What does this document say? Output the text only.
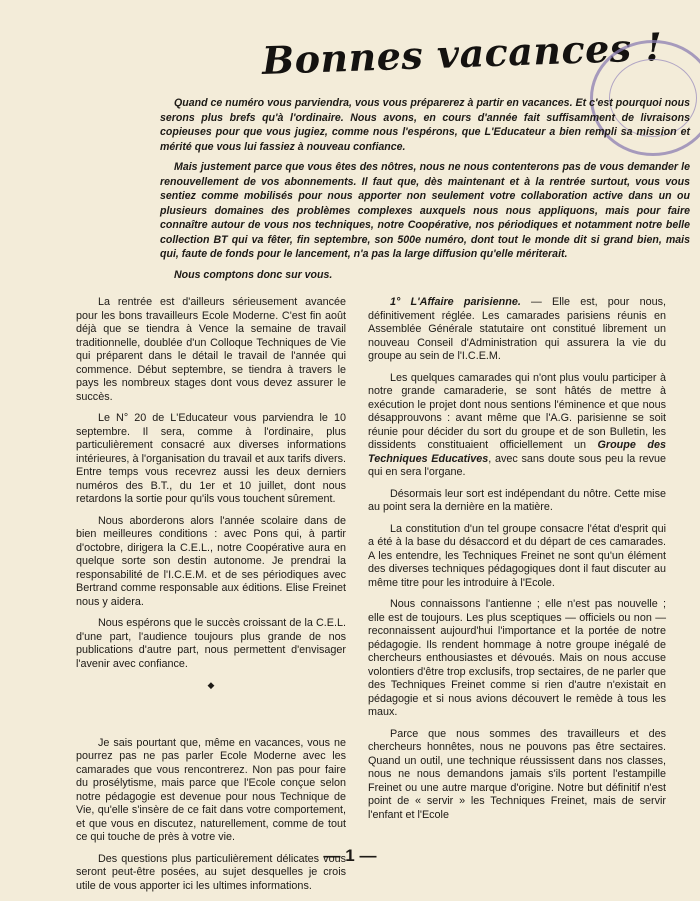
Bonnes vacances !

Quand ce numéro vous parviendra, vous vous préparerez à partir en vacances. Et c'est pourquoi nous serons plus brefs qu'à l'ordinaire. Nous avons, en cours d'année fait suffisamment de livraisons copieuses pour que vous jugiez, comme nous l'espérons, que L'Educateur a bien rempli sa mission et mérité que vous lui fassiez à nouveau confiance.

Mais justement parce que vous êtes des nôtres, nous ne nous contenterons pas de vous demander le renouvellement de vos abonnements. Il faut que, dès maintenant et à la rentrée surtout, vous vous sentiez comme mobilisés pour nous apporter non seulement votre collaboration active dans un ou plusieurs domaines des problèmes complexes auxquels nous nous appliquons, mais pour faire connaître autour de vous nos techniques, notre Coopérative, nos périodiques et notamment notre belle collection BT qui va fêter, fin septembre, son 500e numéro, dont tout le monde dit si grand bien, mais qui, faute de fonds pour le lancement, n'a pas la large diffusion qu'elle mériterait.

Nous comptons donc sur vous.

La rentrée est d'ailleurs sérieusement avancée pour les bons travailleurs Ecole Moderne. C'est fin août déjà que se tiendra à Vence la semaine de travail traditionnelle, doublée d'un Colloque Techniques de Vie qui préparent dans le détail le travail de l'année qui commence. Début septembre, se tiendra à travers le pays les nombreux stages dont vous devez assurer le succès.

Le N° 20 de L'Educateur vous parviendra le 10 septembre. Il sera, comme à l'ordinaire, plus particulièrement consacré aux diverses informations intérieures, à l'organisation du travail et aux tarifs divers. Entre temps vous recevrez aussi les deux derniers numéros des B.T., du 1er et 10 juillet, dont nous retardons la sortie pour qu'ils vous touchent sûrement.

Nous aborderons alors l'année scolaire dans de bien meilleures conditions : avec Pons qui, à partir d'octobre, dirigera la C.E.L., notre Coopérative aura en quelque sorte son destin autonome. Je prendrai la responsabilité de l'I.C.E.M. et de ses périodiques avec Bertrand comme responsable aux éditions. Elise Freinet nous y aidera.

Nous espérons que le succès croissant de la C.E.L. d'une part, l'audience toujours plus grande de nos publications d'autre part, nous permettent d'envisager l'avenir avec confiance.

◆

Je sais pourtant que, même en vacances, vous ne pourrez pas ne pas parler Ecole Moderne avec les camarades que vous rencontrerez. Non pas pour faire du prosélytisme, mais parce que l'Ecole conçue selon notre pédagogie est devenue pour nous Technique de Vie, qu'elle s'insère de ce fait dans votre comportement, et que vous en discutez, naturellement, comme de tout ce qui touche de près à votre vie.

Des questions plus particulièrement délicates vous seront peut-être posées, au sujet desquelles je crois utile de vous apporter ici les ultimes informations.

1° L'Affaire parisienne. — Elle est, pour nous, définitivement réglée. Les camarades parisiens réunis en Assemblée Générale statutaire ont constitué librement un nouveau Conseil d'Administration qui assurera la vie du groupe au sein de l'I.C.E.M.

Les quelques camarades qui n'ont plus voulu participer à notre grande camaraderie, se sont hâtés de mettre à exécution le projet dont nous sentions l'éminence et que nous désapprouvons : avant même que l'A.G. parisienne se soit réunie pour décider du sort du groupe et de son Bulletin, les dissidents constituaient officiellement un Groupe des Techniques Educatives, avec sans doute sous peu la revue qui en sera l'organe.

Désormais leur sort est indépendant du nôtre. Cette mise au point sera la dernière en la matière.

La constitution d'un tel groupe consacre l'état d'esprit qui a été à la base du désaccord et du départ de ces camarades. A les entendre, les Techniques Freinet ne sont qu'un élément des diverses techniques pédagogiques dont il faut discuter au même titre pour les introduire à l'Ecole.

Nous connaissons l'antienne ; elle n'est pas nouvelle ; elle est de toujours. Les plus sceptiques — officiels ou non — reconnaissent aujourd'hui l'importance et la portée de notre pédagogie. Ils rendent hommage à notre groupe inégalé de chercheurs enthousiastes et dévoués. Mais on nous accuse volontiers d'être trop exclusifs, trop sectaires, de ne parler que des Techniques Freinet comme si rien d'autre n'existait en pédagogie et si nous avions découvert le remède à tous les maux.

Parce que nous sommes des travailleurs et des chercheurs honnêtes, nous ne pouvons pas être sectaires. Quand un outil, une technique réussissent dans nos classes, nous ne nous demandons jamais s'ils portent l'estampille Freinet ou une autre marque d'origine. Notre but définitif n'est point de « servir » les Techniques Freinet, mais de servir l'enfant et l'Ecole

— 1 —
